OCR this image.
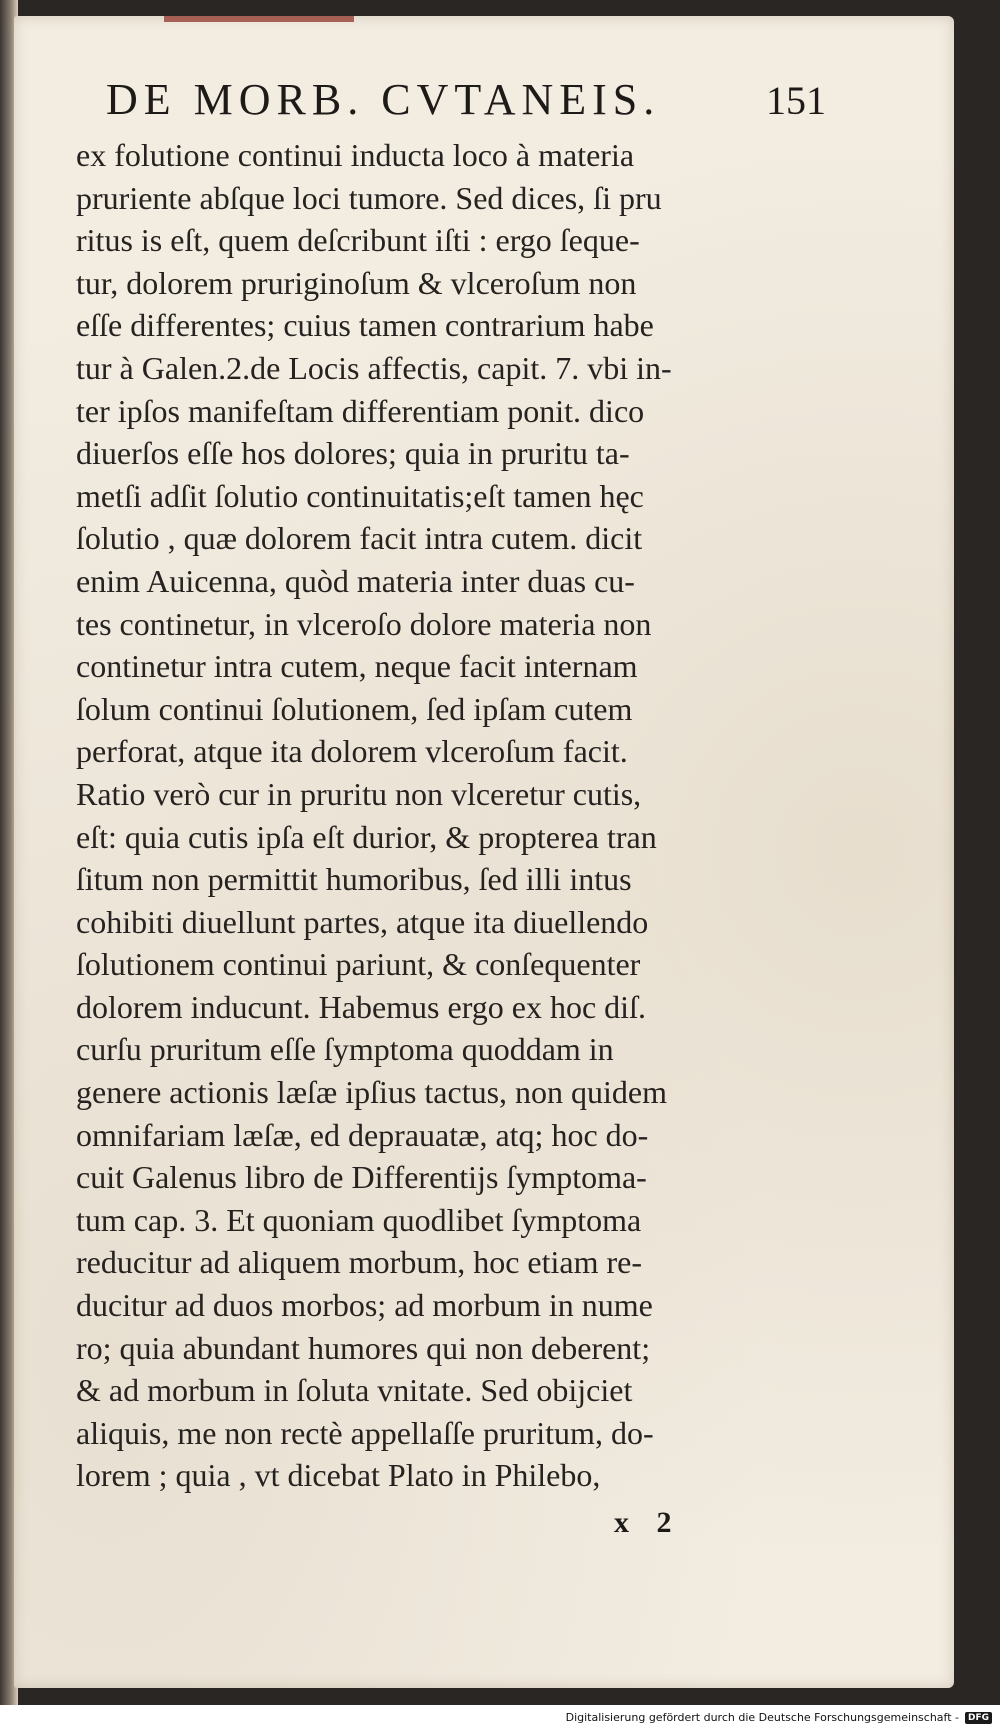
DE MORB. CVTANEIS.	151
ex folutione continui inducta loco à materia
pruriente abſque loci tumore. Sed dices, ſi pru
ritus is eſt, quem deſcribunt iſti : ergo ſeque-
tur, dolorem pruriginoſum & vlceroſum non
eſſe differentes; cuius tamen contrarium habe
tur à Galen.2.de Locis affectis, capit. 7. vbi in-
ter ipſos manifeſtam differentiam ponit. dico
diuerſos eſſe hos dolores; quia in pruritu ta-
metſi adſit ſolutio continuitatis;eſt tamen hęc
ſolutio , quæ dolorem facit intra cutem. dicit
enim Auicenna, quòd materia inter duas cu-
tes continetur, in vlceroſo dolore materia non
continetur intra cutem, neque facit internam
ſolum continui ſolutionem, ſed ipſam cutem
perforat, atque ita dolorem vlceroſum facit.
Ratio verò cur in pruritu non vlceretur cutis,
eſt: quia cutis ipſa eſt durior, & propterea tran
ſitum non permittit humoribus, ſed illi intus
cohibiti diuellunt partes, atque ita diuellendo
ſolutionem continui pariunt, & conſequenter
dolorem inducunt. Habemus ergo ex hoc diſ.
curſu pruritum eſſe ſymptoma quoddam in
genere actionis læſæ ipſius tactus, non quidem
omnifariam læſæ, ed deprauatæ, atq; hoc do-
cuit Galenus libro de Differentijs ſymptoma-
tum cap. 3. Et quoniam quodlibet ſymptoma
reducitur ad aliquem morbum, hoc etiam re-
ducitur ad duos morbos; ad morbum in nume
ro; quia abundant humores qui non deberent;
& ad morbum in ſoluta vnitate. Sed obijciet
aliquis, me non rectè appellaſſe pruritum, do-
lorem ; quia , vt dicebat Plato in Philebo,
x 2
Digitalisierung gefördert durch die Deutsche Forschungsgemeinschaft -	DFG
